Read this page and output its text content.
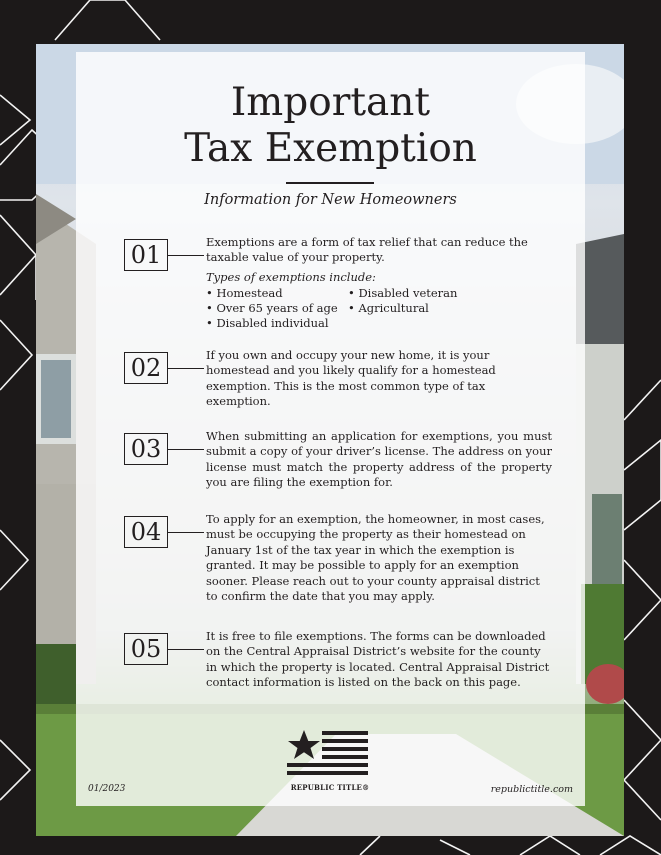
Important
Tax Exemption
Information for New Homeowners
01	Exemptions are a form of tax relief that can reduce the taxable value of your property.

Types of exemptions include:
• Homestead
• Over 65 years of age
• Disabled individual
• Disabled veteran
• Agricultural
02	If you own and occupy your new home, it is your homestead and you likely qualify for a homestead exemption. This is the most common type of tax exemption.

03	When submitting an application for exemptions, you must submit a copy of your driver’s license. The address on your license must match the property address of the property you are filing the exemption for.

04	To apply for an exemption, the homeowner, in most cases, must be occupying the property as their homestead on January 1st of the tax year in which the exemption is granted. It may be possible to apply for an exemption sooner. Please reach out to your county appraisal district to confirm the date that you may apply.

05	It is free to file exemptions. The forms can be downloaded on the Central Appraisal District’s website for the county in which the property is located. Central Appraisal District contact information is listed on the back on this page.

REPUBLIC TITLE®
01/2023	republictitle.com
